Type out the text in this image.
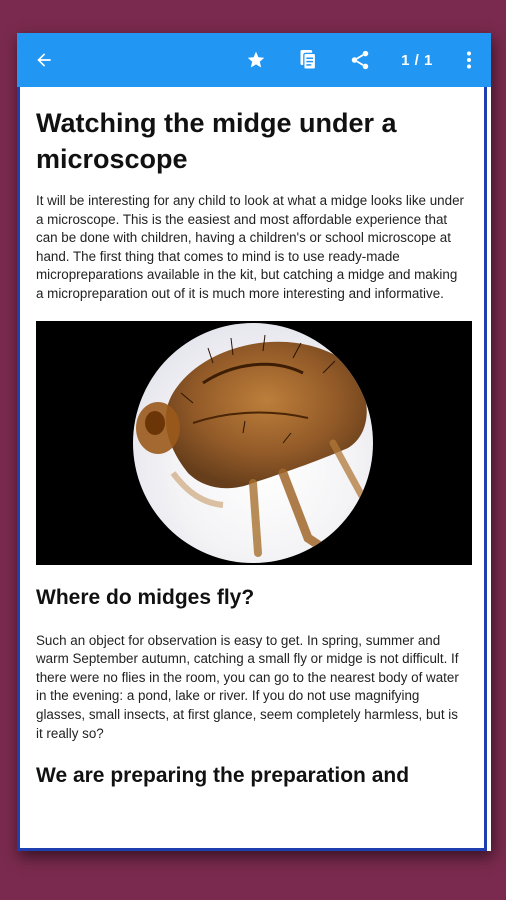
1 / 1
Watching the midge under a microscope

It will be interesting for any child to look at what a midge looks like under a microscope. This is the easiest and most affordable experience that can be done with children, having a children's or school microscope at hand. The first thing that comes to mind is to use ready-made micropreparations available in the kit, but catching a midge and making a micropreparation out of it is much more interesting and informative.

Where do midges fly?

Such an object for observation is easy to get. In spring, summer and warm September autumn, catching a small fly or midge is not difficult. If there were no flies in the room, you can go to the nearest body of water in the evening: a pond, lake or river. If you do not use magnifying glasses, small insects, at first glance, seem completely harmless, but is it really so?

We are preparing the preparation and
